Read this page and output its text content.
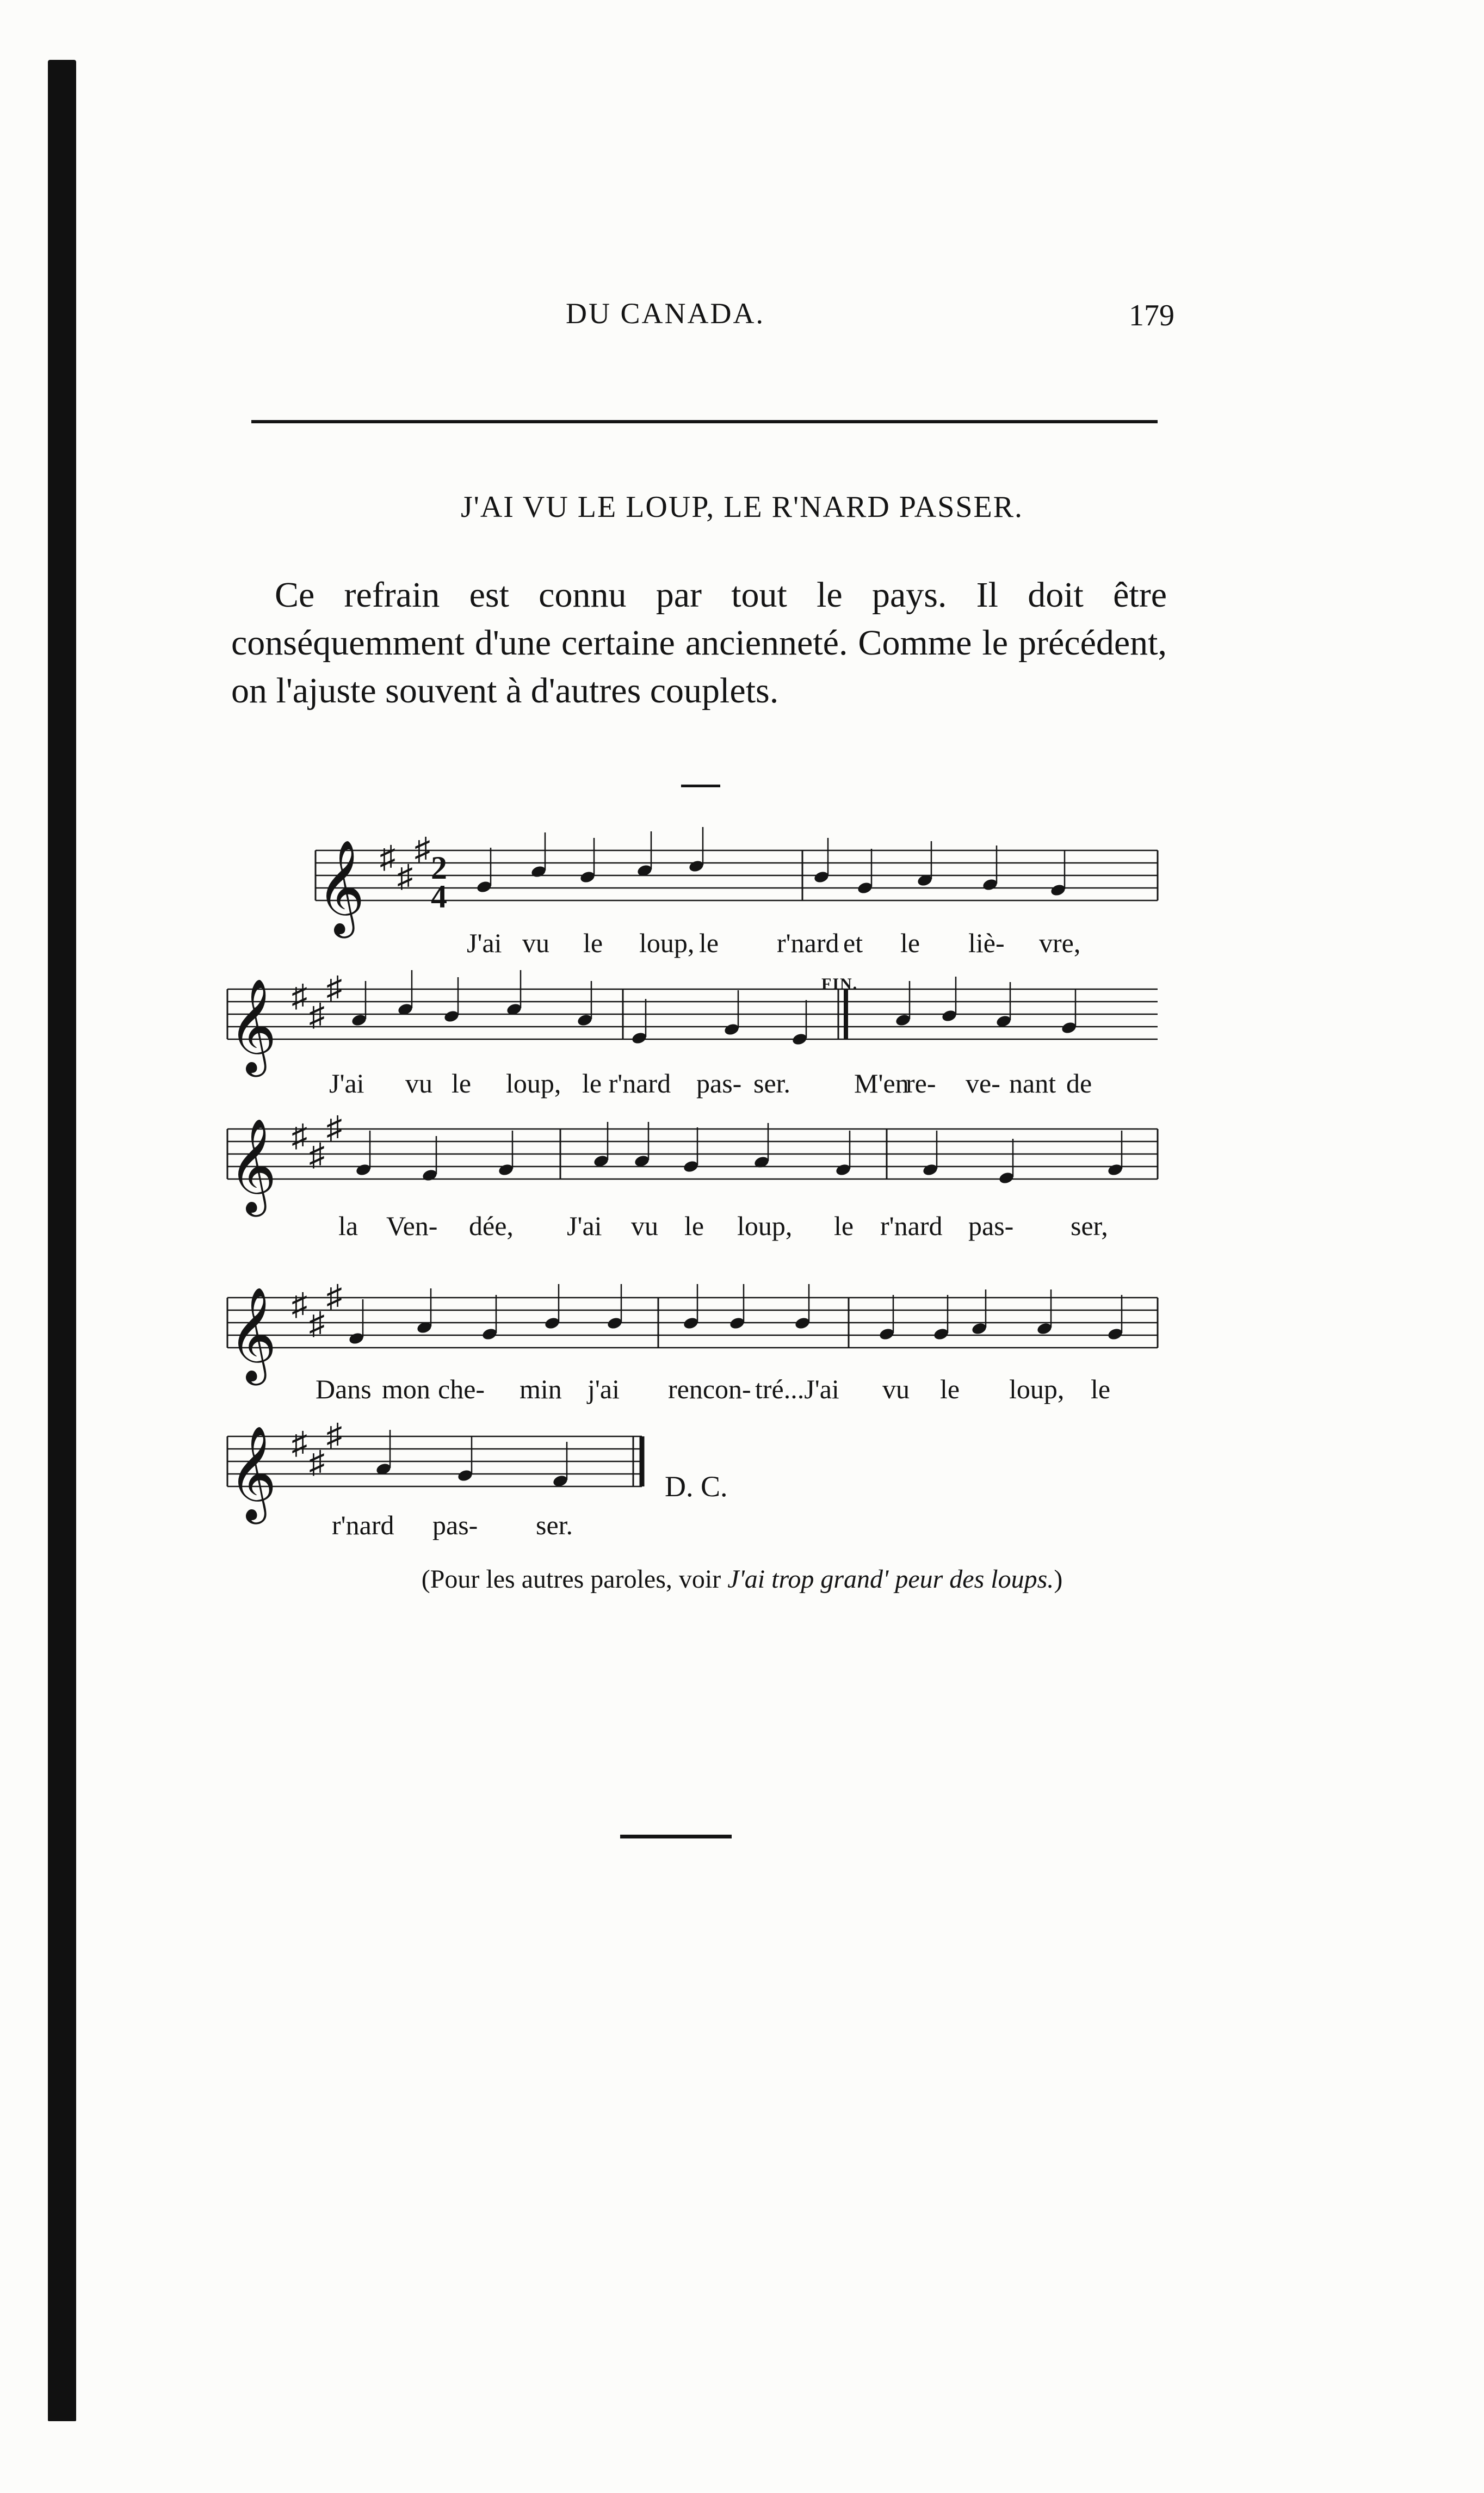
DU CANADA.	179
J'AI VU LE LOUP, LE R'NARD PASSER.
Ce refrain est connu par tout le pays. Il doit être conséquemment d'une certaine ancienneté. Comme le précédent, on l'ajuste souvent à d'autres couplets.
𝄞 ♯
♯
♯
𝄞 ♯
♯
♯
𝄞 ♯
♯
♯
𝄞 ♯
♯
♯
𝄞 ♯
♯
♯
J'ai vu le loup, le r'nard et le liè- vre,
J'ai vu le loup, le r'nard pas- ser. M'en
re- ve- nant de
la Ven- dée, J'ai vu le loup, le r'nard pas- ser,
Dans mon che- min j'ai rencon- tré...J'ai vu le loup, le
r'nard pas- ser.
2
4
FIN.
D. C.
(Pour les autres paroles, voir J'ai trop grand' peur des loups.)
